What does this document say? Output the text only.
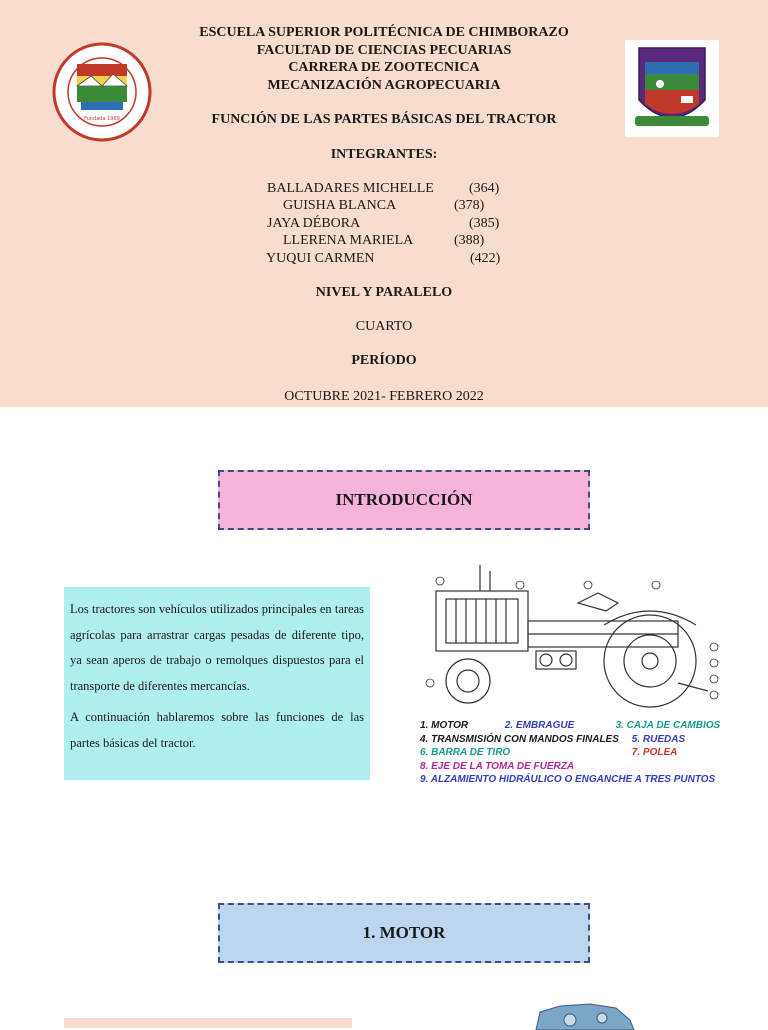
Fundada 1969
ESCUELA SUPERIOR POLITÉCNICA DE CHIMBORAZO
FACULTAD DE CIENCIAS PECUARIAS
CARRERA DE ZOOTECNICA
MECANIZACIÓN AGROPECUARIA
FUNCIÓN DE LAS PARTES BÁSICAS DEL TRACTOR
INTEGRANTES:
BALLADARES MICHELLE	(364)
GUISHA BLANCA	(378)
JAYA DÉBORA	(385)
LLERENA MARIELA	(388)
YUQUI CARMEN	(422)
NIVEL Y PARALELO
CUARTO
PERÍODO
OCTUBRE 2021- FEBRERO 2022
INTRODUCCIÓN

Los tractores son vehículos utilizados principales en tareas agrícolas para arrastrar cargas pesadas de diferente tipo, ya sean aperos de trabajo o remolques dispuestos para el transporte de diferentes mercancías.

A continuación hablaremos sobre las funciones de las partes básicas del tractor.

1. MOTOR	2. EMBRAGUE	3. CAJA DE CAMBIOS
4. TRANSMISIÓN CON MANDOS FINALES 5. RUEDAS
6. BARRA DE TIRO	7. POLEA
8. EJE DE LA TOMA DE FUERZA
9. ALZAMIENTO HIDRÁULICO O ENGANCHE A TRES PUNTOS
1. MOTOR
